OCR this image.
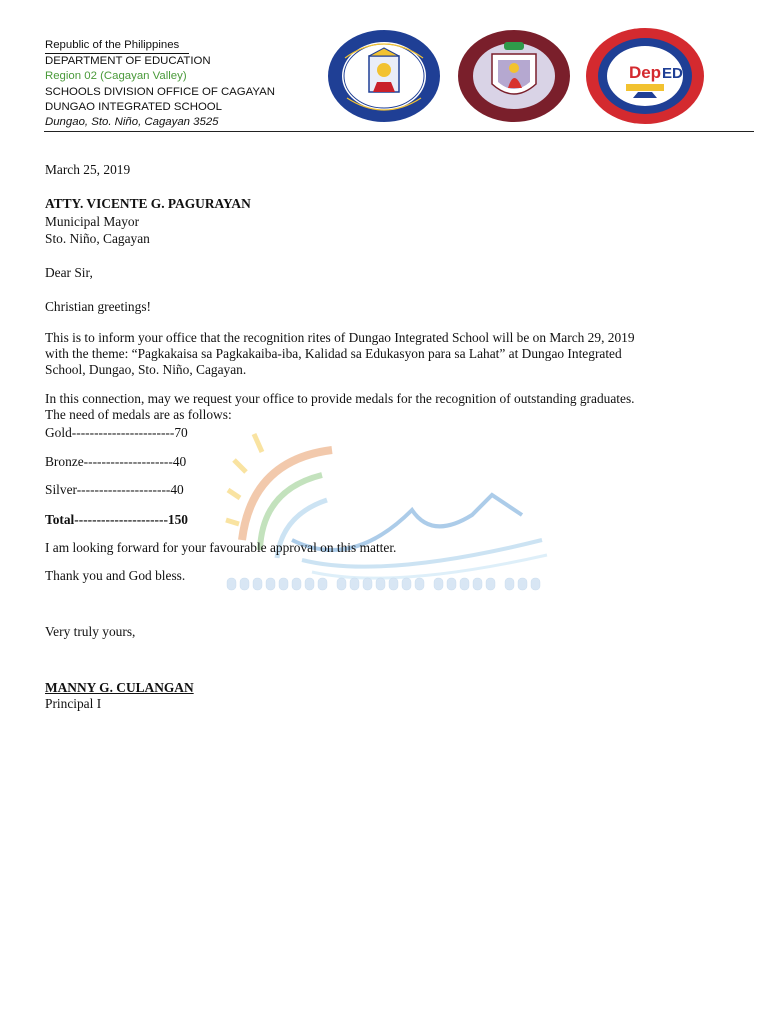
Republic of the Philippines
DEPARTMENT OF EDUCATION
Region 02 (Cagayan Valley)
SCHOOLS DIVISION OFFICE OF CAGAYAN
DUNGAO INTEGRATED SCHOOL
Dungao, Sto. Niño, Cagayan 3525
Dep ED
March 25, 2019
ATTY. VICENTE G. PAGURAYAN
Municipal Mayor
Sto. Niño, Cagayan
Dear Sir,
Christian greetings!
This is to inform your office that the recognition rites of Dungao Integrated School will be on March 29, 2019
with the theme: “Pagkakaisa sa Pagkakaiba-iba, Kalidad sa Edukasyon para sa Lahat” at Dungao Integrated
School, Dungao, Sto. Niño, Cagayan.
In this connection, may we request your office to provide medals for the recognition of outstanding graduates.
The need of medals are as follows:
Gold-----------------------70
Bronze--------------------40
Silver---------------------40
Total---------------------150
I am looking forward for your favourable approval on this matter.
Thank you and God bless.
Very truly yours,
MANNY G. CULANGAN
Principal I
